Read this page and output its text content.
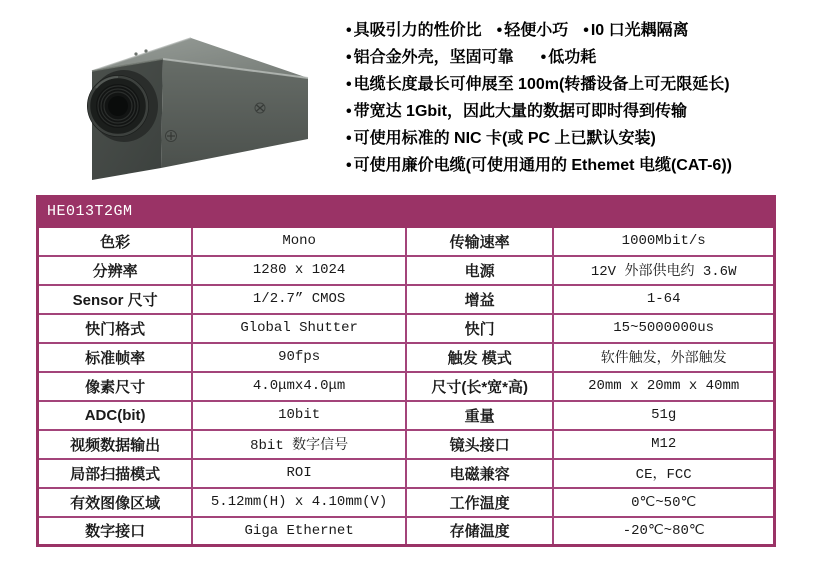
• 具吸引力的性价比 • 轻便小巧 • I0 口光耦隔离
• 铝合金外壳，坚固可靠 • 低功耗
• 电缆长度最长可伸展至 100m(转播设备上可无限延长)
• 带宽达 1Gbit，因此大量的数据可即时得到传输
• 可使用标准的 NIC 卡(或 PC 上已默认安装)
• 可使用廉价电缆(可使用通用的 Ethemet 电缆(CAT-6))
HE013T2GM			
色彩	Mono	传输速率	1000Mbit/s
分辨率	1280 x 1024	电源	12V 外部供电约 3.6W
Sensor 尺寸	1/2.7” CMOS	增益	1-64
快门格式	Global Shutter	快门	15~5000000us
标准帧率	90fps	触发 模式	软件触发，外部触发
像素尺寸	4.0μmx4.0μm	尺寸(长*宽*高)	20mm x 20mm x 40mm
ADC(bit)	10bit	重量	51g
视频数据输出	8bit 数字信号	镜头接口	M12
局部扫描模式	ROI	电磁兼容	CE，FCC
有效图像区域	5.12mm(H) x 4.10mm(V)	工作温度	0℃~50℃
数字接口	Giga Ethernet	存储温度	-20℃~80℃
